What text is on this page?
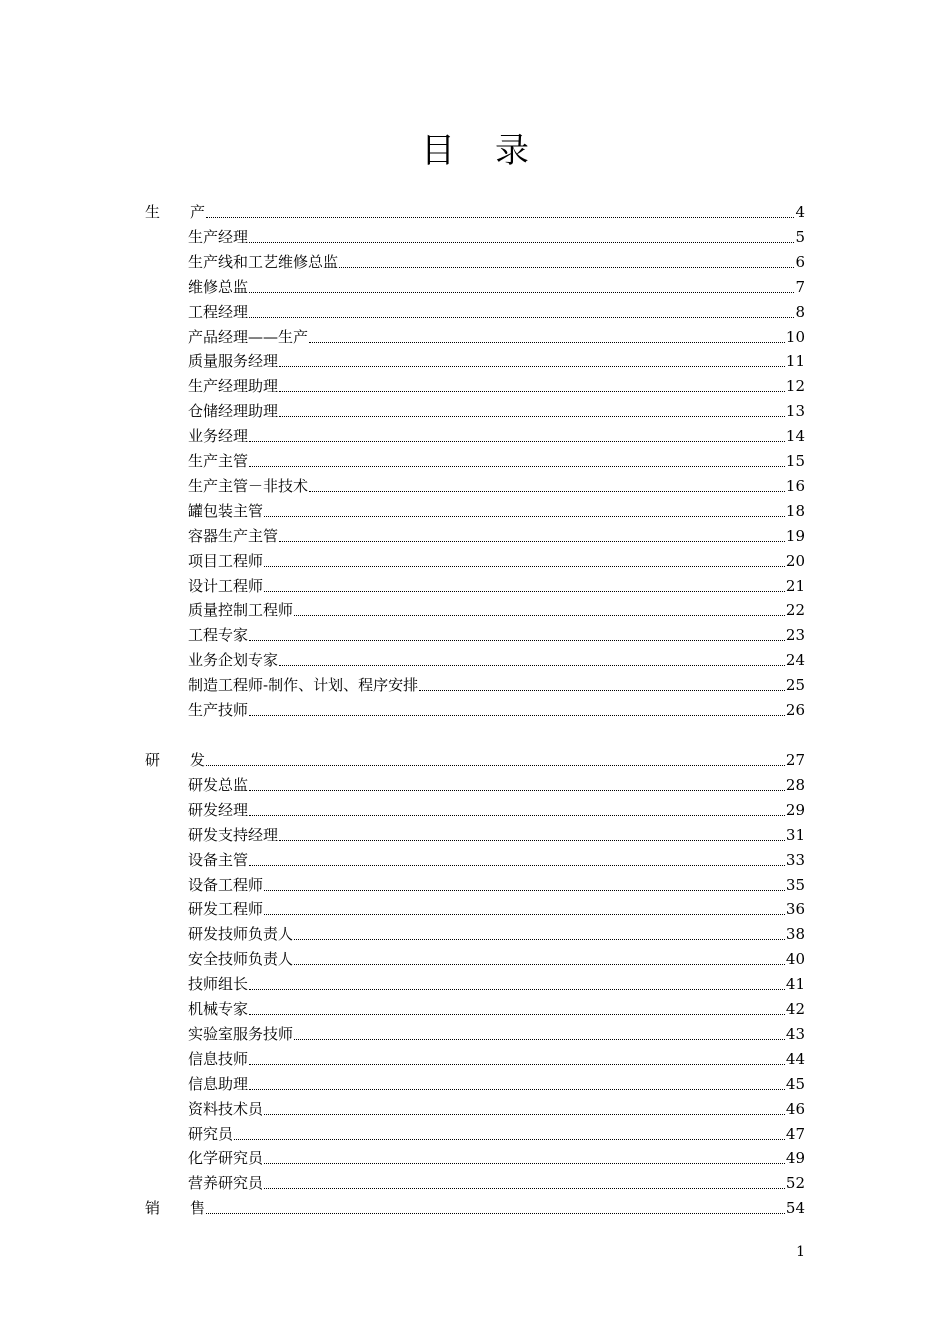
目 录
生　　产	4
生产经理	5
生产线和工艺维修总监	6
维修总监	7
工程经理	8
产品经理——生产	10
质量服务经理	11
生产经理助理	12
仓储经理助理	13
业务经理	14
生产主管	15
生产主管－非技术	16
罐包装主管	18
容器生产主管	19
项目工程师	20
设计工程师	21
质量控制工程师	22
工程专家	23
业务企划专家	24
制造工程师-制作、计划、程序安排	25
生产技师	26
研　　发	27
研发总监	28
研发经理	29
研发支持经理	31
设备主管	33
设备工程师	35
研发工程师	36
研发技师负责人	38
安全技师负责人	40
技师组长	41
机械专家	42
实验室服务技师	43
信息技师	44
信息助理	45
资料技术员	46
研究员	47
化学研究员	49
营养研究员	52
销　　售	54
1
